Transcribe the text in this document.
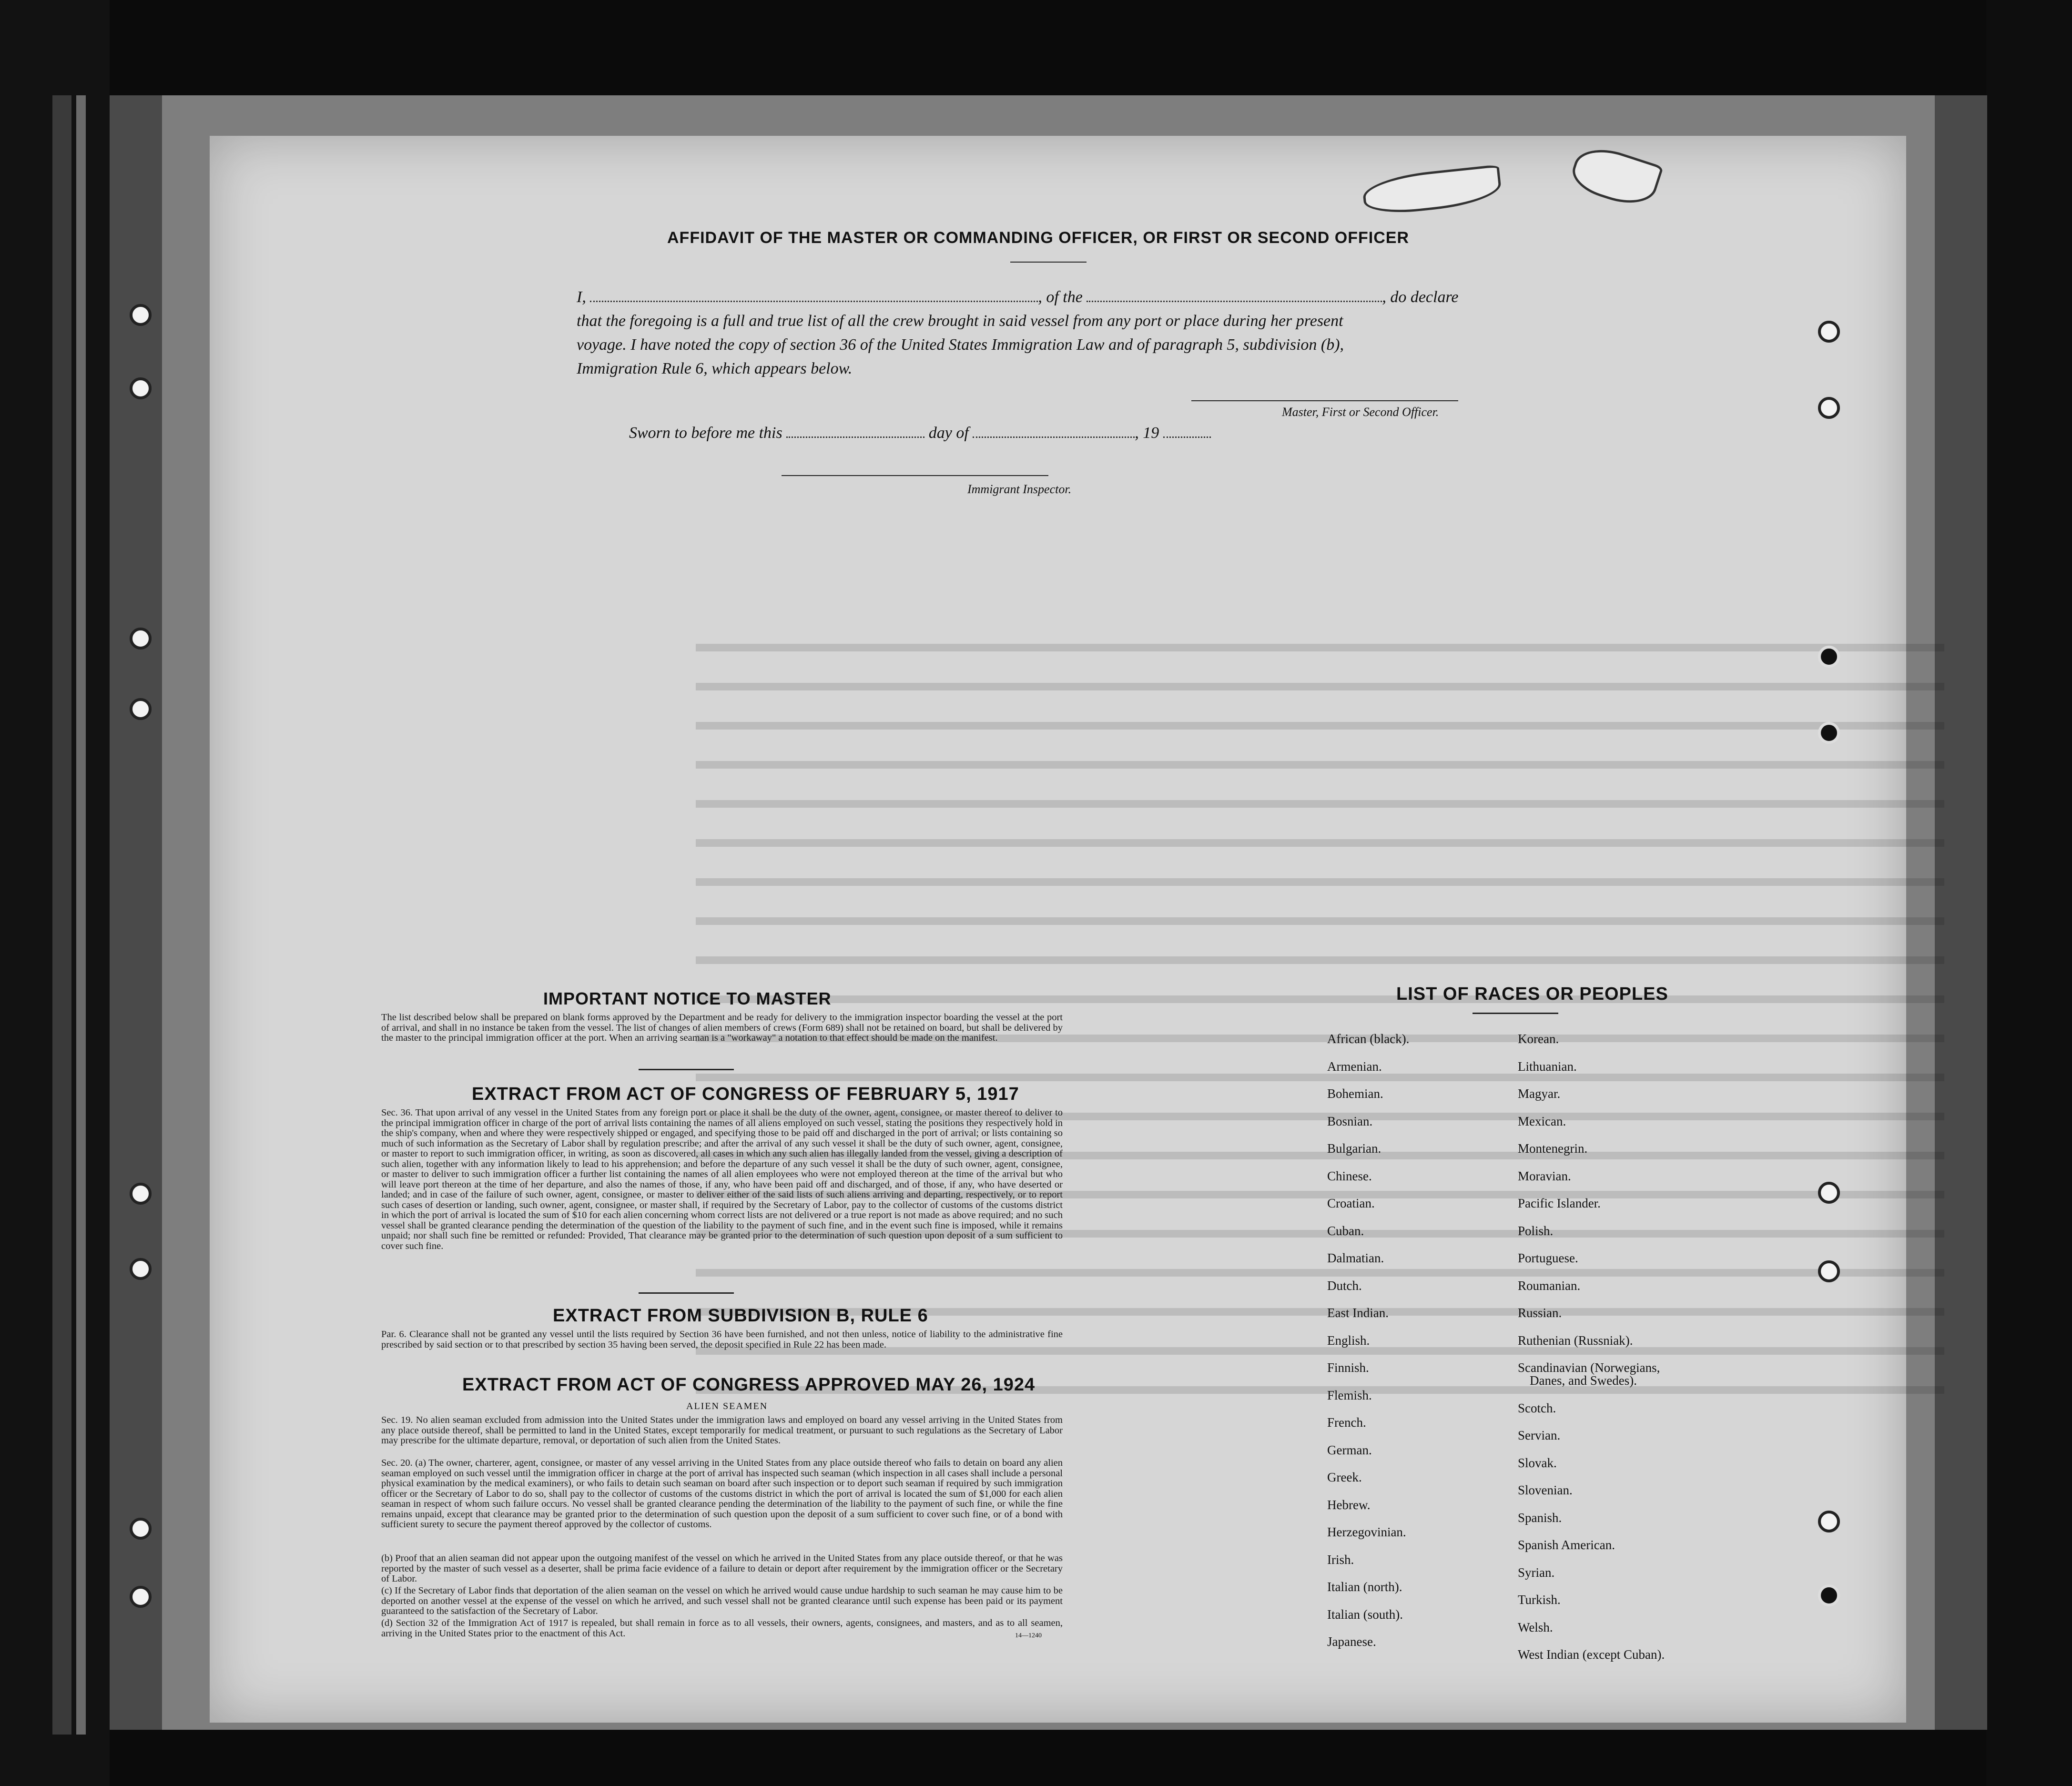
AFFIDAVIT OF THE MASTER OR COMMANDING OFFICER, OR FIRST OR SECOND OFFICER
I,	, of the	, do declare
that the foregoing is a full and true list of all the crew brought in said vessel from any port or place during her present
voyage. I have noted the copy of section 36 of the United States Immigration Law and of paragraph 5, subdivision (b),
Immigration Rule 6, which appears below.
Master, First or Second Officer.
Sworn to before me this	day of	, 19
Immigrant Inspector.
IMPORTANT NOTICE TO MASTER
The list described below shall be prepared on blank forms approved by the Department and be ready for delivery to the immigration inspector boarding the vessel at the port of arrival, and shall in no instance be taken from the vessel. The list of changes of alien members of crews (Form 689) shall not be retained on board, but shall be delivered by the master to the principal immigration officer at the port. When an arriving seaman is a "workaway" a notation to that effect should be made on the manifest.
EXTRACT FROM ACT OF CONGRESS OF FEBRUARY 5, 1917
Sec. 36. That upon arrival of any vessel in the United States from any foreign port or place it shall be the duty of the owner, agent, consignee, or master thereof to deliver to the principal immigration officer in charge of the port of arrival lists containing the names of all aliens employed on such vessel, stating the positions they respectively hold in the ship's company, when and where they were respectively shipped or engaged, and specifying those to be paid off and discharged in the port of arrival; or lists containing so much of such information as the Secretary of Labor shall by regulation prescribe; and after the arrival of any such vessel it shall be the duty of such owner, agent, consignee, or master to report to such immigration officer, in writing, as soon as discovered, all cases in which any such alien has illegally landed from the vessel, giving a description of such alien, together with any information likely to lead to his apprehension; and before the departure of any such vessel it shall be the duty of such owner, agent, consignee, or master to deliver to such immigration officer a further list containing the names of all alien employees who were not employed thereon at the time of the arrival but who will leave port thereon at the time of her departure, and also the names of those, if any, who have been paid off and discharged, and of those, if any, who have deserted or landed; and in case of the failure of such owner, agent, consignee, or master to deliver either of the said lists of such aliens arriving and departing, respectively, or to report such cases of desertion or landing, such owner, agent, consignee, or master shall, if required by the Secretary of Labor, pay to the collector of customs of the customs district in which the port of arrival is located the sum of $10 for each alien concerning whom correct lists are not delivered or a true report is not made as above required; and no such vessel shall be granted clearance pending the determination of the question of the liability to the payment of such fine, and in the event such fine is imposed, while it remains unpaid; nor shall such fine be remitted or refunded: Provided, That clearance may be granted prior to the determination of such question upon deposit of a sum sufficient to cover such fine.
EXTRACT FROM SUBDIVISION B, RULE 6
Par. 6. Clearance shall not be granted any vessel until the lists required by Section 36 have been furnished, and not then unless, notice of liability to the administrative fine prescribed by said section or to that prescribed by section 35 having been served, the deposit specified in Rule 22 has been made.
EXTRACT FROM ACT OF CONGRESS APPROVED MAY 26, 1924
ALIEN SEAMEN
Sec. 19. No alien seaman excluded from admission into the United States under the immigration laws and employed on board any vessel arriving in the United States from any place outside thereof, shall be permitted to land in the United States, except temporarily for medical treatment, or pursuant to such regulations as the Secretary of Labor may prescribe for the ultimate departure, removal, or deportation of such alien from the United States.
Sec. 20. (a) The owner, charterer, agent, consignee, or master of any vessel arriving in the United States from any place outside thereof who fails to detain on board any alien seaman employed on such vessel until the immigration officer in charge at the port of arrival has inspected such seaman (which inspection in all cases shall include a personal physical examination by the medical examiners), or who fails to detain such seaman on board after such inspection or to deport such seaman if required by such immigration officer or the Secretary of Labor to do so, shall pay to the collector of customs of the customs district in which the port of arrival is located the sum of $1,000 for each alien seaman in respect of whom such failure occurs. No vessel shall be granted clearance pending the determination of the liability to the payment of such fine, or while the fine remains unpaid, except that clearance may be granted prior to the determination of such question upon the deposit of a sum sufficient to cover such fine, or of a bond with sufficient surety to secure the payment thereof approved by the collector of customs.
(b) Proof that an alien seaman did not appear upon the outgoing manifest of the vessel on which he arrived in the United States from any place outside thereof, or that he was reported by the master of such vessel as a deserter, shall be prima facie evidence of a failure to detain or deport after requirement by the immigration officer or the Secretary of Labor.
(c) If the Secretary of Labor finds that deportation of the alien seaman on the vessel on which he arrived would cause undue hardship to such seaman he may cause him to be deported on another vessel at the expense of the vessel on which he arrived, and such vessel shall not be granted clearance until such expense has been paid or its payment guaranteed to the satisfaction of the Secretary of Labor.
(d) Section 32 of the Immigration Act of 1917 is repealed, but shall remain in force as to all vessels, their owners, agents, consignees, and masters, and as to all seamen, arriving in the United States prior to the enactment of this Act.	14—1240
LIST OF RACES OR PEOPLES
African (black).
Armenian.
Bohemian.
Bosnian.
Bulgarian.
Chinese.
Croatian.
Cuban.
Dalmatian.
Dutch.
East Indian.
English.
Finnish.
Flemish.
French.
German.
Greek.
Hebrew.
Herzegovinian.
Irish.
Italian (north).
Italian (south).
Japanese.
Korean.
Lithuanian.
Magyar.
Mexican.
Montenegrin.
Moravian.
Pacific Islander.
Polish.
Portuguese.
Roumanian.
Russian.
Ruthenian (Russniak).
Scandinavian (Norwegians,
Danes, and Swedes).
Scotch.
Servian.
Slovak.
Slovenian.
Spanish.
Spanish American.
Syrian.
Turkish.
Welsh.
West Indian (except Cuban).
